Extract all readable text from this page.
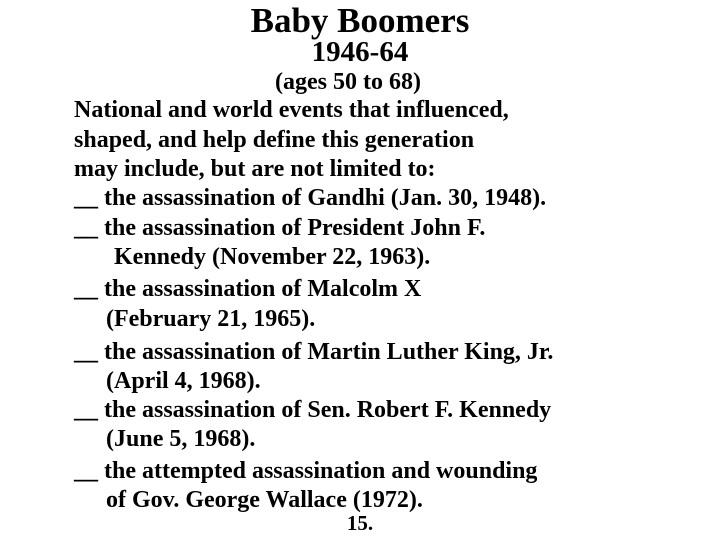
Baby Boomers
1946-64
(ages 50 to 68)
National and world events that influenced,
shaped, and help define this generation
may include, but are not limited to:
__ the assassination of Gandhi (Jan. 30, 1948).
__ the assassination of President John F.
Kennedy (November 22, 1963).
__ the assassination of Malcolm X
(February 21, 1965).
__ the assassination of Martin Luther King, Jr.
(April 4, 1968).
__ the assassination of Sen. Robert F. Kennedy
(June 5, 1968).
__ the attempted assassination and wounding
of Gov. George Wallace (1972).
15.
